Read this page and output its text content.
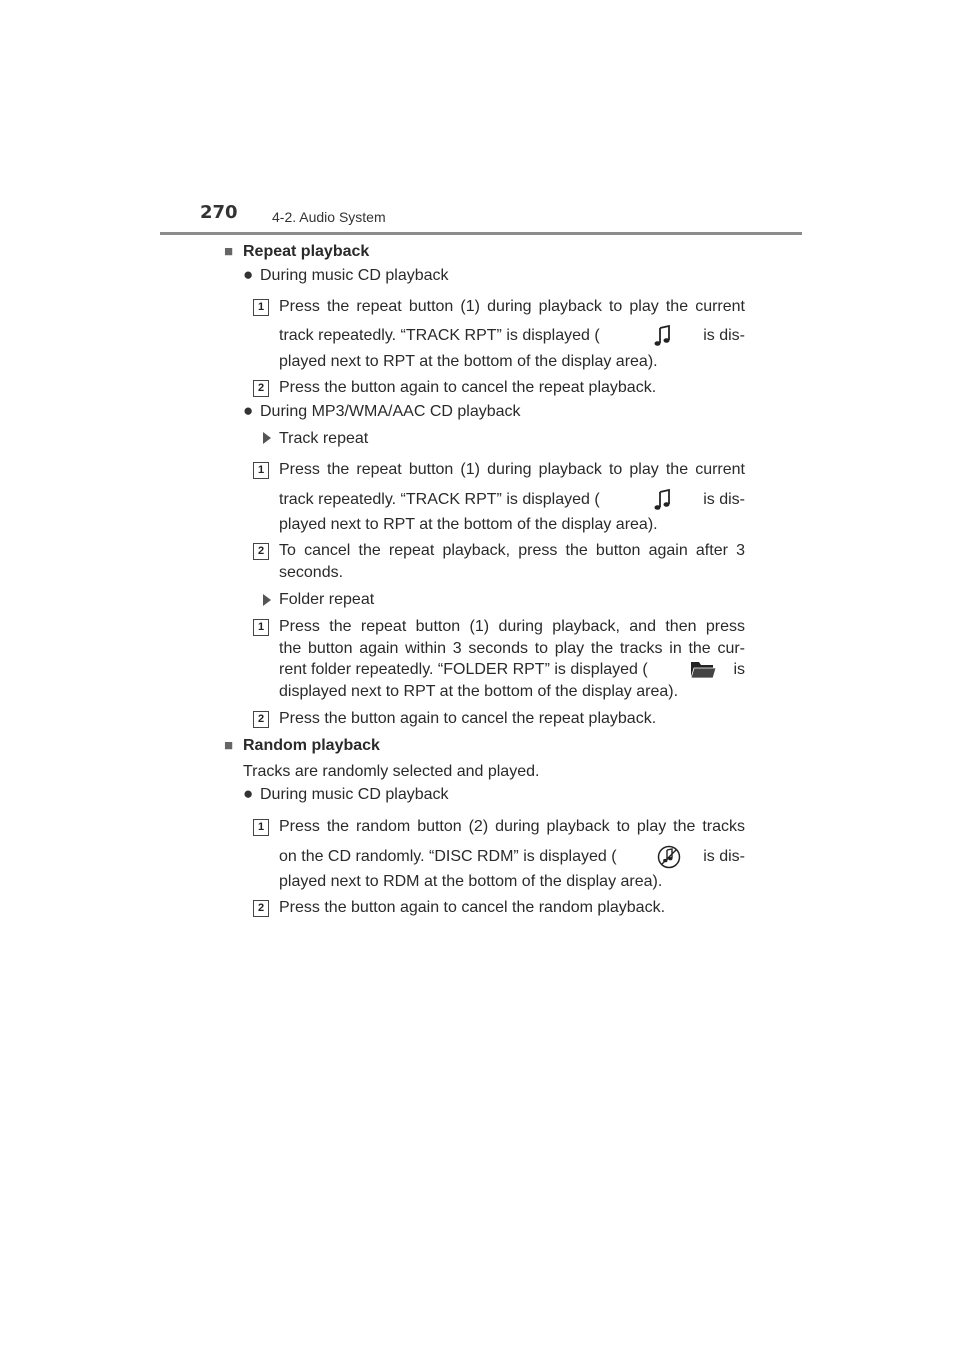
270 4-2. Audio System
■ Repeat playback
● During music CD playback
1 Press the repeat button (1) during playback to play the current
track repeatedly. “TRACK RPT” is displayed (	is dis-
played next to RPT at the bottom of the display area).
2 Press the button again to cancel the repeat playback.
● During MP3/WMA/AAC CD playback
Track repeat
1 Press the repeat button (1) during playback to play the current
track repeatedly. “TRACK RPT” is displayed (	is dis-
played next to RPT at the bottom of the display area).
2 To cancel the repeat playback, press the button again after 3
seconds.
Folder repeat
1 Press the repeat button (1) during playback, and then press
the button again within 3 seconds to play the tracks in the cur-
rent folder repeatedly. “FOLDER RPT” is displayed (	is
displayed next to RPT at the bottom of the display area).
2 Press the button again to cancel the repeat playback.
■ Random playback
Tracks are randomly selected and played.
● During music CD playback
1 Press the random button (2) during playback to play the tracks
on the CD randomly. “DISC RDM” is displayed (	is dis-
played next to RDM at the bottom of the display area).
2 Press the button again to cancel the random playback.
